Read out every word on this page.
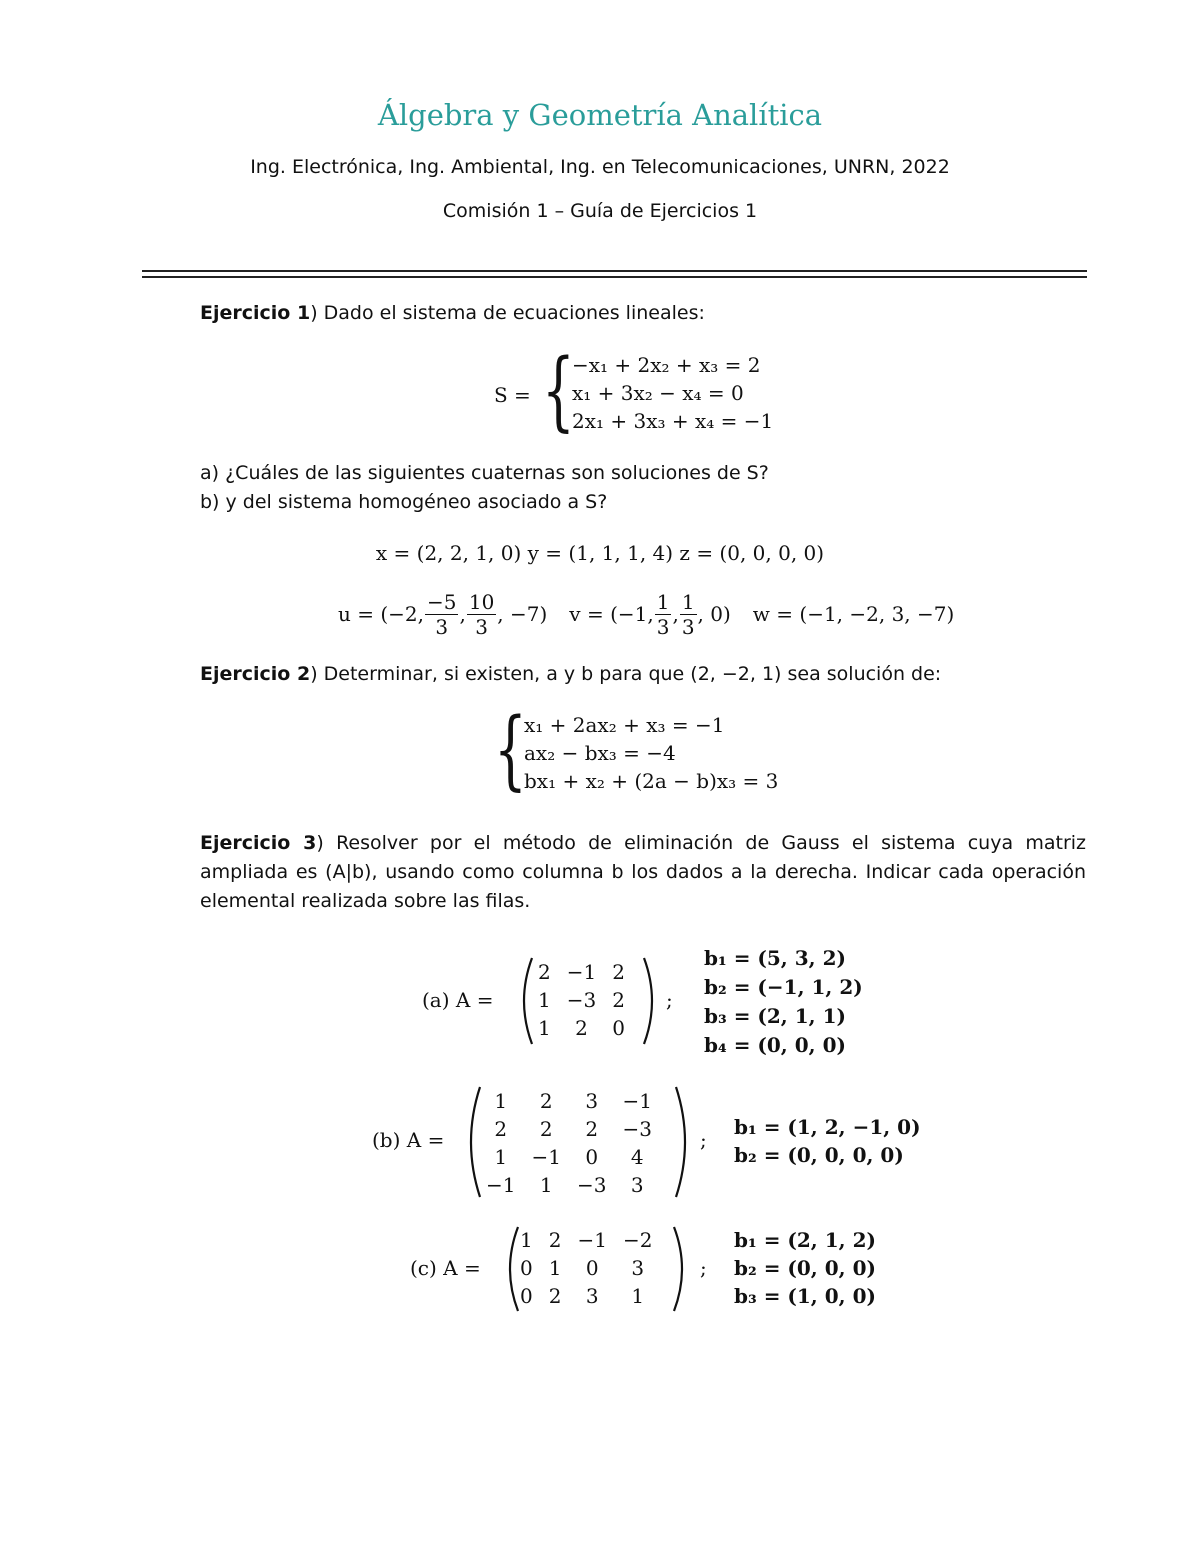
Álgebra y Geometría Analítica
Ing. Electrónica, Ing. Ambiental, Ing. en Telecomunicaciones, UNRN, 2022
Comisión 1 – Guía de Ejercicios 1
Ejercicio 1) Dado el sistema de ecuaciones lineales:
S = {
−x₁ + 2x₂ + x₃ = 2
x₁ + 3x₂ − x₄ = 0
2x₁ + 3x₃ + x₄ = −1
a) ¿Cuáles de las siguientes cuaternas son soluciones de S?
b) y del sistema homogéneo asociado a S?
x = (2, 2, 1, 0) y = (1, 1, 1, 4) z = (0, 0, 0, 0)
u = (−2, $\frac{-5}{3}$ , $\frac{10}{3}$ , −7) v = (−1, $\frac{1}{3}$ , $\frac{1}{3}$ , 0) w = (−1, −2, 3, −7)
Ejercicio 2) Determinar, si existen, a y b para que (2, −2, 1) sea solución de:
{
x₁ + 2ax₂ + x₃ = −1
ax₂ − bx₃ = −4
bx₁ + x₂ + (2a − b)x₃ = 3
Ejercicio 3) Resolver por el método de eliminación de Gauss el sistema cuya matriz ampliada es (A|b), usando como columna b los dados a la derecha. Indicar cada operación elemental realizada sobre las filas.
(a) A =
2	−1	2
1	−3	2
1	2	0
;
b₁ = (5, 3, 2)
b₂ = (−1, 1, 2)
b₃ = (2, 1, 1)
b₄ = (0, 0, 0)
(b) A =
1	2	3	−1
2	2	2	−3
1	−1	0	4
−1	1	−3	3
;
b₁ = (1, 2, −1, 0)
b₂ = (0, 0, 0, 0)
(c) A =
1	2	−1	−2
0	1	0	3
0	2	3	1
;
b₁ = (2, 1, 2)
b₂ = (0, 0, 0)
b₃ = (1, 0, 0)
